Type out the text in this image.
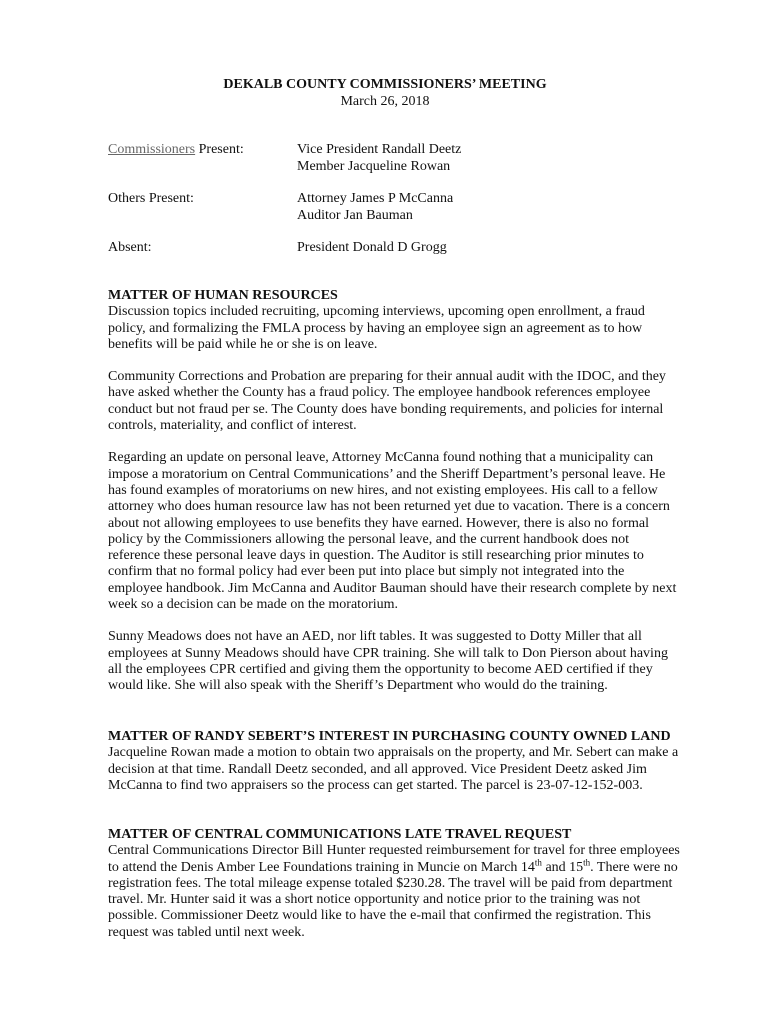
DEKALB COUNTY COMMISSIONERS’ MEETING
March 26, 2018
Commissioners Present:	Vice President Randall Deetz
Member Jacqueline Rowan
Others Present:	Attorney James P McCanna
Auditor Jan Bauman
Absent:	President Donald D Grogg

MATTER OF HUMAN RESOURCES

Discussion topics included recruiting, upcoming interviews, upcoming open enrollment, a fraud policy, and formalizing the FMLA process by having an employee sign an agreement as to how benefits will be paid while he or she is on leave.

Community Corrections and Probation are preparing for their annual audit with the IDOC, and they have asked whether the County has a fraud policy. The employee handbook references employee conduct but not fraud per se. The County does have bonding requirements, and policies for internal controls, materiality, and conflict of interest.

Regarding an update on personal leave, Attorney McCanna found nothing that a municipality can impose a moratorium on Central Communications’ and the Sheriff Department’s personal leave. He has found examples of moratoriums on new hires, and not existing employees. His call to a fellow attorney who does human resource law has not been returned yet due to vacation. There is a concern about not allowing employees to use benefits they have earned. However, there is also no formal policy by the Commissioners allowing the personal leave, and the current handbook does not reference these personal leave days in question. The Auditor is still researching prior minutes to confirm that no formal policy had ever been put into place but simply not integrated into the employee handbook. Jim McCanna and Auditor Bauman should have their research complete by next week so a decision can be made on the moratorium.

Sunny Meadows does not have an AED, nor lift tables. It was suggested to Dotty Miller that all employees at Sunny Meadows should have CPR training. She will talk to Don Pierson about having all the employees CPR certified and giving them the opportunity to become AED certified if they would like. She will also speak with the Sheriff’s Department who would do the training.

MATTER OF RANDY SEBERT’S INTEREST IN PURCHASING COUNTY OWNED LAND

Jacqueline Rowan made a motion to obtain two appraisals on the property, and Mr. Sebert can make a decision at that time. Randall Deetz seconded, and all approved. Vice President Deetz asked Jim McCanna to find two appraisers so the process can get started. The parcel is 23-07-12-152-003.

MATTER OF CENTRAL COMMUNICATIONS LATE TRAVEL REQUEST

Central Communications Director Bill Hunter requested reimbursement for travel for three employees to attend the Denis Amber Lee Foundations training in Muncie on March 14th and 15th. There were no registration fees. The total mileage expense totaled $230.28. The travel will be paid from department travel. Mr. Hunter said it was a short notice opportunity and notice prior to the training was not possible. Commissioner Deetz would like to have the e-mail that confirmed the registration. This request was tabled until next week.
